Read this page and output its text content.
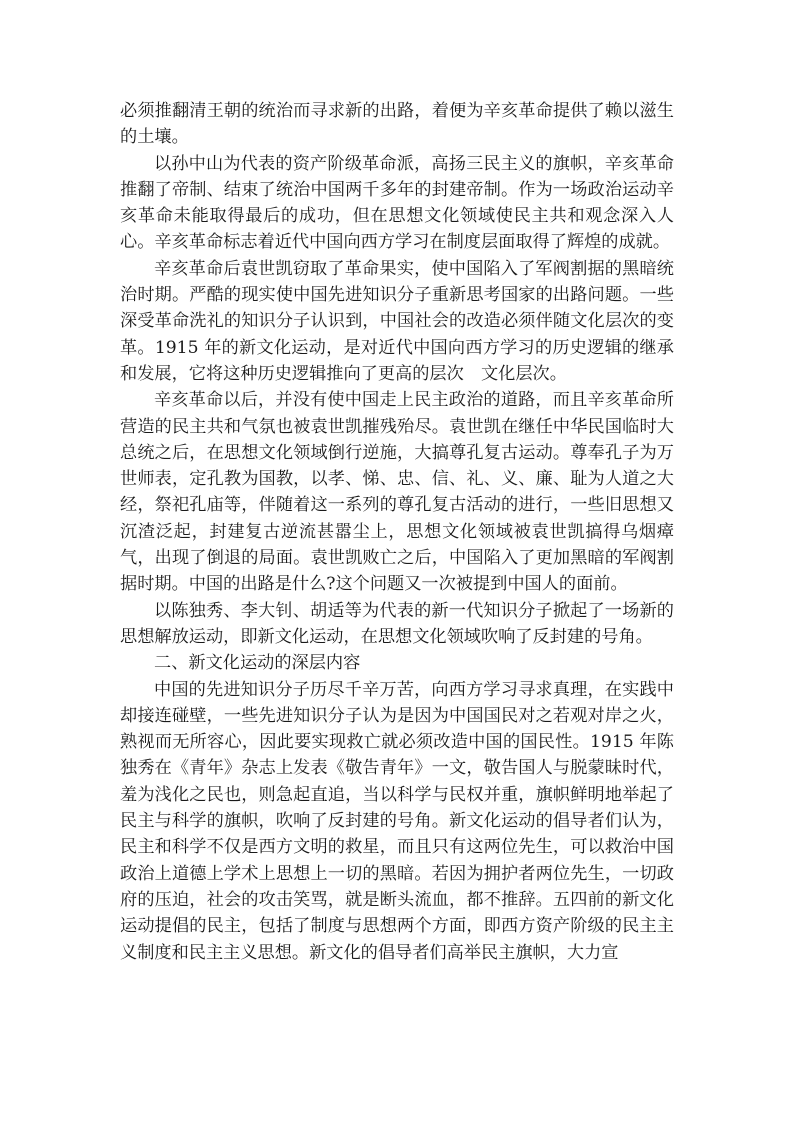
必须推翻清王朝的统治而寻求新的出路，着便为辛亥革命提供了赖以滋生的土壤。

以孙中山为代表的资产阶级革命派，高扬三民主义的旗帜，辛亥革命推翻了帝制、结束了统治中国两千多年的封建帝制。作为一场政治运动辛亥革命未能取得最后的成功，但在思想文化领域使民主共和观念深入人心。辛亥革命标志着近代中国向西方学习在制度层面取得了辉煌的成就。

辛亥革命后袁世凯窃取了革命果实，使中国陷入了军阀割据的黑暗统治时期。严酷的现实使中国先进知识分子重新思考国家的出路问题。一些深受革命洗礼的知识分子认识到，中国社会的改造必须伴随文化层次的变革。1915 年的新文化运动，是对近代中国向西方学习的历史逻辑的继承和发展，它将这种历史逻辑推向了更高的层次　文化层次。

辛亥革命以后，并没有使中国走上民主政治的道路，而且辛亥革命所营造的民主共和气氛也被袁世凯摧残殆尽。袁世凯在继任中华民国临时大总统之后，在思想文化领域倒行逆施，大搞尊孔复古运动。尊奉孔子为万世师表，定孔教为国教，以孝、悌、忠、信、礼、义、廉、耻为人道之大经，祭祀孔庙等，伴随着这一系列的尊孔复古活动的进行，一些旧思想又沉渣泛起，封建复古逆流甚嚣尘上，思想文化领域被袁世凯搞得乌烟瘴气，出现了倒退的局面。袁世凯败亡之后，中国陷入了更加黑暗的军阀割据时期。中国的出路是什么?这个问题又一次被提到中国人的面前。

以陈独秀、李大钊、胡适等为代表的新一代知识分子掀起了一场新的思想解放运动，即新文化运动，在思想文化领域吹响了反封建的号角。

二、新文化运动的深层内容

中国的先进知识分子历尽千辛万苦，向西方学习寻求真理，在实践中却接连碰壁，一些先进知识分子认为是因为中国国民对之若观对岸之火，熟视而无所容心，因此要实现救亡就必须改造中国的国民性。1915 年陈独秀在《青年》杂志上发表《敬告青年》一文，敬告国人与脱蒙昧时代，羞为浅化之民也，则急起直追，当以科学与民权并重，旗帜鲜明地举起了民主与科学的旗帜，吹响了反封建的号角。新文化运动的倡导者们认为，民主和科学不仅是西方文明的救星，而且只有这两位先生，可以救治中国政治上道德上学术上思想上一切的黑暗。若因为拥护者两位先生，一切政府的压迫，社会的攻击笑骂，就是断头流血，都不推辞。五四前的新文化运动提倡的民主，包括了制度与思想两个方面，即西方资产阶级的民主主义制度和民主主义思想。新文化的倡导者们高举民主旗帜，大力宣
